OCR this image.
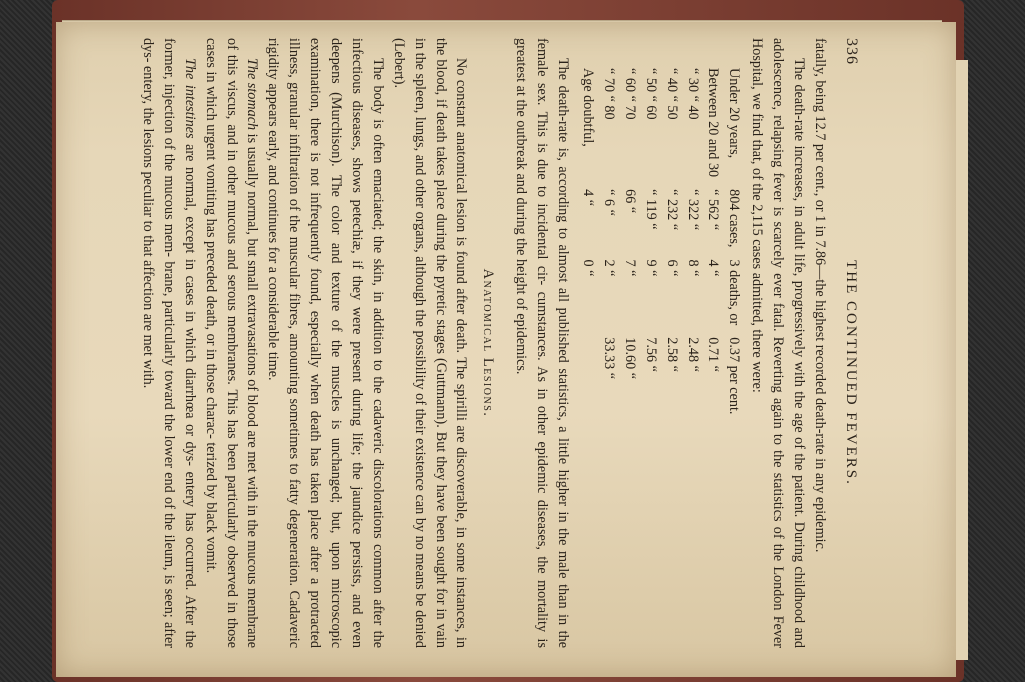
336
THE CONTINUED FEVERS.

fatally, being 12.7 per cent., or 1 in 7.86—the highest recorded death-rate in any epidemic.

The death-rate increases, in adult life, progressively with the age of the patient. During childhood and adolescence, relapsing fever is scarcely ever fatal. Reverting again to the statistics of the London Fever Hospital, we find that, of the 2,115 cases admitted, there were:

Under 20 years,	804 cases,	3 deaths, or	0.37 per cent.
Between 20 and 30	“ 562 “	4 “	0.71 “
“ 30 “ 40	“ 322 “	8 “	2.48 “
“ 40 “ 50	“ 232 “	6 “	2.58 “
“ 50 “ 60	“ 119 “	9 “	7.56 “
“ 60 “ 70	66 “	7 “	10.60 “
“ 70 “ 80	“ 6 “	2 “	33.33 “
Age doubtful,	4 “	0 “	

The death-rate is, according to almost all published statistics, a little higher in the male than in the female sex. This is due to incidental cir- cumstances. As in other epidemic diseases, the mortality is greatest at the outbreak and during the height of epidemics.

Anatomical Lesions.

No constant anatomical lesion is found after death. The spirilli are discoverable, in some instances, in the blood, if death takes place during the pyretic stages (Guttmann). But they have been sought for in vain in the spleen, lungs, and other organs, although the possibility of their existence can by no means be denied (Lebert).

The body is often emaciated; the skin, in addition to the cadaveric discolorations common after the infectious diseases, shows petechiæ, if they were present during life; the jaundice persists, and even deepens (Murchison). The color and texture of the muscles is unchanged; but, upon microscopic examination, there is not infrequently found, especially when death has taken place after a protracted illness, granular infiltration of the muscular fibres, amounting sometimes to fatty degeneration. Cadaveric rigidity appears early, and continues for a considerable time.

The stomach is usually normal, but small extravasations of blood are met with in the mucous membrane of this viscus, and in other mucous and serous membranes. This has been particularly observed in those cases in which urgent vomiting has preceded death, or in those charac- terized by black vomit.

The intestines are normal, except in cases in which diarrhœa or dys- entery has occurred. After the former, injection of the mucous mem- brane, particularly toward the lower end of the ileum, is seen; after dys- entery, the lesions peculiar to that affection are met with.
